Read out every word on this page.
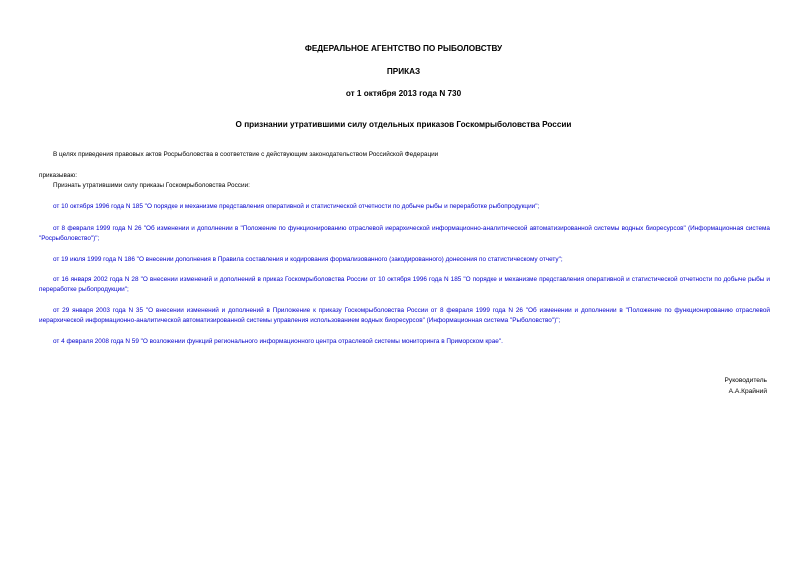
ФЕДЕРАЛЬНОЕ АГЕНТСТВО ПО РЫБОЛОВСТВУ
ПРИКАЗ
от 1 октября 2013 года N 730
О признании утратившими силу отдельных приказов Госкомрыболовства России
В целях приведения правовых актов Росрыболовства в соответствие с действующим законодательством Российской Федерации
приказываю:
Признать утратившими силу приказы Госкомрыболовства России:
от 10 октября 1996 года N 185 "О порядке и механизме представления оперативной и статистической отчетности по добыче рыбы и переработке рыбопродукции";
от 8 февраля 1999 года N 26 "Об изменении и дополнении в "Положение по функционированию отраслевой иерархической информационно-аналитической автоматизированной системы водных биоресурсов" (Информационная система "Росрыболовство")";
от 19 июля 1999 года N 186 "О внесении дополнения в Правила составления и кодирования формализованного (закодированного) донесения по статистическому отчету";
от 16 января 2002 года N 28 "О внесении изменений и дополнений в приказ Госкомрыболовства России от 10 октября 1996 года N 185 "О порядке и механизме представления оперативной и статистической отчетности по добыче рыбы и переработке рыбопродукции";
от 29 января 2003 года N 35 "О внесении изменений и дополнений в Приложение к приказу Госкомрыболовства России от 8 февраля 1999 года N 26 "Об изменении и дополнении в "Положение по функционированию отраслевой иерархической информационно-аналитической автоматизированной системы управления использованием водных биоресурсов" (Информационная система "Рыболовство")";
от 4 февраля 2008 года N 59 "О возложении функций регионального информационного центра отраслевой системы мониторинга в Приморском крае".
Руководитель
А.А.Крайний
